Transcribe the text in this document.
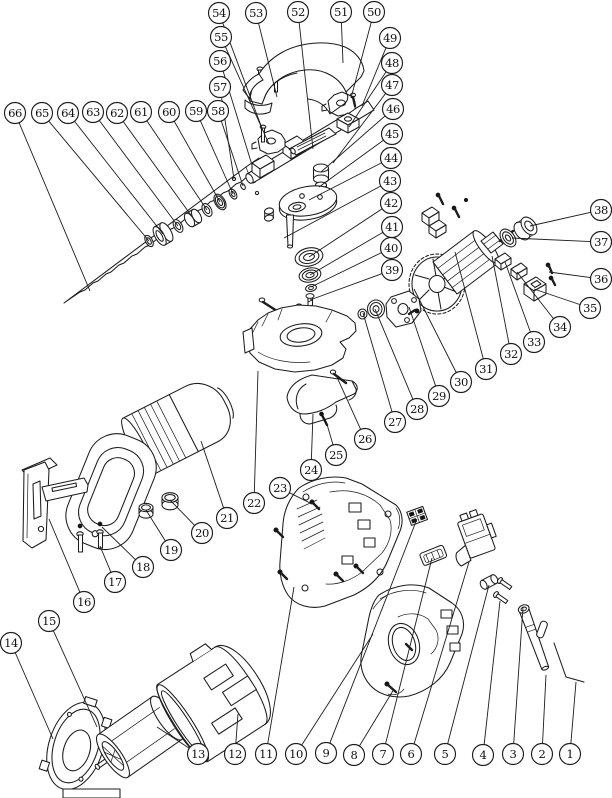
1
2
3
4
5
6
7
8
9
10
11
12
13
14
15
16
17
18
19
20
21
22
23
24
25
26
27
28
29
30
31
32
33
34
35
36
37
38
39
40
41
42
43
44
45
46
47
48
49
50
51
52
53
54
55
56
57
58
59
60
61
62
63
64
65
66
